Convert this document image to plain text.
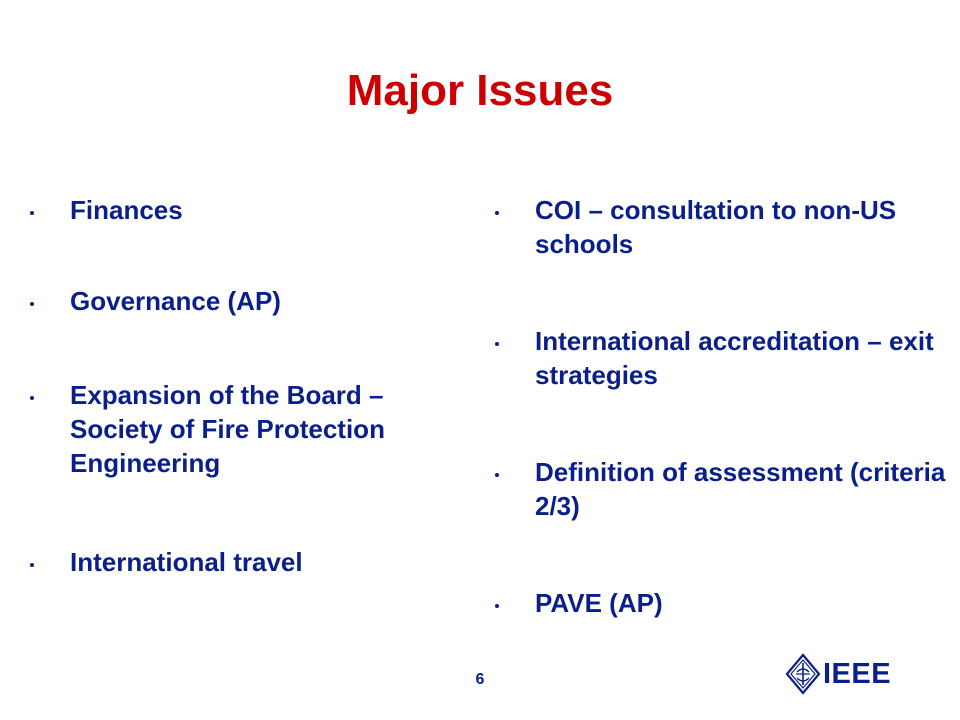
Major Issues
Finances
Governance (AP)
Expansion of the Board – Society of Fire Protection Engineering
International travel
COI – consultation to non-US schools
International accreditation – exit strategies
Definition of assessment (criteria 2/3)
PAVE (AP)
6	IEEE
